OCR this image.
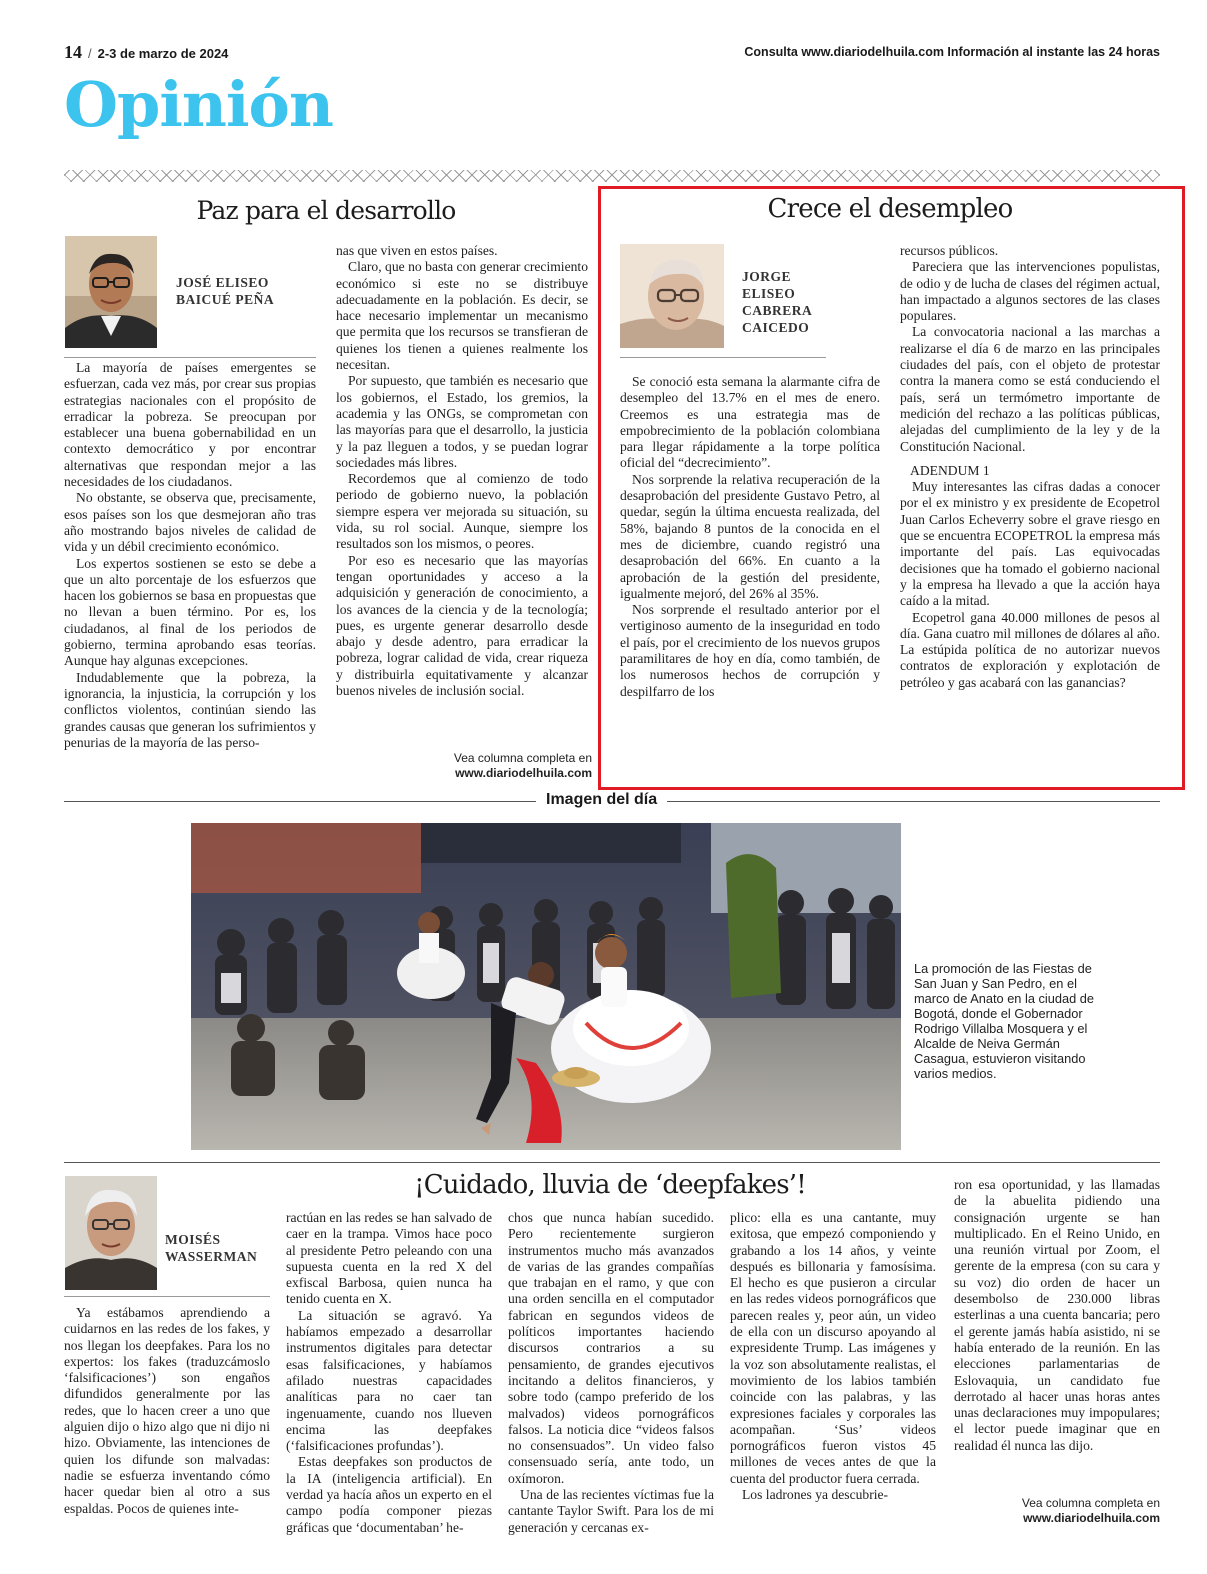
14 / 2-3 de marzo de 2024	Consulta www.diariodelhuila.com Información al instante las 24 horas
Opinión
Paz para el desarrollo
JOSÉ ELISEO BAICUÉ PEÑA

La mayoría de países emergentes se esfuerzan, cada vez más, por crear sus propias estrategias nacionales con el propósito de erradicar la pobreza. Se preocupan por establecer una buena gobernabilidad en un contexto democrático y por encontrar alternativas que respondan mejor a las necesidades de los ciudadanos.

No obstante, se observa que, precisamente, esos países son los que desmejoran año tras año mostrando bajos niveles de calidad de vida y un débil crecimiento económico.

Los expertos sostienen se esto se debe a que un alto porcentaje de los esfuerzos que hacen los gobiernos se basa en propuestas que no llevan a buen término. Por es, los ciudadanos, al final de los periodos de gobierno, termina aprobando esas teorías. Aunque hay algunas excepciones.

Indudablemente que la pobreza, la ignorancia, la injusticia, la corrupción y los conflictos violentos, continúan siendo las grandes causas que generan los sufrimientos y penurias de la mayoría de las perso-

nas que viven en estos países.

Claro, que no basta con generar crecimiento económico si este no se distribuye adecuadamente en la población. Es decir, se hace necesario implementar un mecanismo que permita que los recursos se transfieran de quienes los tienen a quienes realmente los necesitan.

Por supuesto, que también es necesario que los gobiernos, el Estado, los gremios, la academia y las ONGs, se comprometan con las mayorías para que el desarrollo, la justicia y la paz lleguen a todos, y se puedan lograr sociedades más libres.

Recordemos que al comienzo de todo periodo de gobierno nuevo, la población siempre espera ver mejorada su situación, su vida, su rol social. Aunque, siempre los resultados son los mismos, o peores.

Por eso es necesario que las mayorías tengan oportunidades y acceso a la adquisición y generación de conocimiento, a los avances de la ciencia y de la tecnología; pues, es urgente generar desarrollo desde abajo y desde adentro, para erradicar la pobreza, lograr calidad de vida, crear riqueza y distribuirla equitativamente y alcanzar buenos niveles de inclusión social.

Vea columna completa en
www.diariodelhuila.com
Crece el desempleo
JORGE ELISEO CABRERA CAICEDO

Se conoció esta semana la alarmante cifra de desempleo del 13.7% en el mes de enero. Creemos es una estrategia mas de empobrecimiento de la población colombiana para llegar rápidamente a la torpe política oficial del “decrecimiento”.

Nos sorprende la relativa recuperación de la desaprobación del presidente Gustavo Petro, al quedar, según la última encuesta realizada, del 58%, bajando 8 puntos de la conocida en el mes de diciembre, cuando registró una desaprobación del 66%. En cuanto a la aprobación de la gestión del presidente, igualmente mejoró, del 26% al 35%.

Nos sorprende el resultado anterior por el vertiginoso aumento de la inseguridad en todo el país, por el crecimiento de los nuevos grupos paramilitares de hoy en día, como también, de los numerosos hechos de corrupción y despilfarro de los

recursos públicos.

Pareciera que las intervenciones populistas, de odio y de lucha de clases del régimen actual, han impactado a algunos sectores de las clases populares.

La convocatoria nacional a las marchas a realizarse el día 6 de marzo en las principales ciudades del país, con el objeto de protestar contra la manera como se está conduciendo el país, será un termómetro importante de medición del rechazo a las políticas públicas, alejadas del cumplimiento de la ley y de la Constitución Nacional.

ADENDUM 1

Muy interesantes las cifras dadas a conocer por el ex ministro y ex presidente de Ecopetrol Juan Carlos Echeverry sobre el grave riesgo en que se encuentra ECOPETROL la empresa más importante del país. Las equivocadas decisiones que ha tomado el gobierno nacional y la empresa ha llevado a que la acción haya caído a la mitad.

Ecopetrol gana 40.000 millones de pesos al día. Gana cuatro mil millones de dólares al año. La estúpida política de no autorizar nuevos contratos de exploración y explotación de petróleo y gas acabará con las ganancias?

Imagen del día
La promoción de las Fiestas de San Juan y San Pedro, en el marco de Anato en la ciudad de Bogotá, donde el Gobernador Rodrigo Villalba Mosquera y el Alcalde de Neiva Germán Casagua, estuvieron visitando varios medios.
¡Cuidado, lluvia de ‘deepfakes’!
MOISÉS WASSERMAN

Ya estábamos aprendiendo a cuidarnos en las redes de los fakes, y nos llegan los deepfakes. Para los no expertos: los fakes (traduzcámoslo ‘falsificaciones’) son engaños difundidos generalmente por las redes, que lo hacen creer a uno que alguien dijo o hizo algo que ni dijo ni hizo. Obviamente, las intenciones de quien los difunde son malvadas: nadie se esfuerza inventando cómo hacer quedar bien al otro a sus espaldas. Pocos de quienes inte-

ractúan en las redes se han salvado de caer en la trampa. Vimos hace poco al presidente Petro peleando con una supuesta cuenta en la red X del exfiscal Barbosa, quien nunca ha tenido cuenta en X.

La situación se agravó. Ya habíamos empezado a desarrollar instrumentos digitales para detectar esas falsificaciones, y habíamos afilado nuestras capacidades analíticas para no caer tan ingenuamente, cuando nos llueven encima las deepfakes (‘falsificaciones profundas’).

Estas deepfakes son productos de la IA (inteligencia artificial). En verdad ya hacía años un experto en el campo podía componer piezas gráficas que ‘documentaban’ he-

chos que nunca habían sucedido. Pero recientemente surgieron instrumentos mucho más avanzados de varias de las grandes compañías que trabajan en el ramo, y que con una orden sencilla en el computador fabrican en segundos videos de políticos importantes haciendo discursos contrarios a su pensamiento, de grandes ejecutivos incitando a delitos financieros, y sobre todo (campo preferido de los malvados) videos pornográficos falsos. La noticia dice “videos falsos no consensuados”. Un video falso consensuado sería, ante todo, un oxímoron.

Una de las recientes víctimas fue la cantante Taylor Swift. Para los de mi generación y cercanas ex-

plico: ella es una cantante, muy exitosa, que empezó componiendo y grabando a los 14 años, y veinte después es billonaria y famosísima. El hecho es que pusieron a circular en las redes videos pornográficos que parecen reales y, peor aún, un video de ella con un discurso apoyando al expresidente Trump. Las imágenes y la voz son absolutamente realistas, el movimiento de los labios también coincide con las palabras, y las expresiones faciales y corporales las acompañan. ‘Sus’ videos pornográficos fueron vistos 45 millones de veces antes de que la cuenta del productor fuera cerrada.

Los ladrones ya descubrie-

ron esa oportunidad, y las llamadas de la abuelita pidiendo una consignación urgente se han multiplicado. En el Reino Unido, en una reunión virtual por Zoom, el gerente de la empresa (con su cara y su voz) dio orden de hacer un desembolso de 230.000 libras esterlinas a una cuenta bancaria; pero el gerente jamás había asistido, ni se había enterado de la reunión. En las elecciones parlamentarias de Eslovaquia, un candidato fue derrotado al hacer unas horas antes unas declaraciones muy impopulares; el lector puede imaginar que en realidad él nunca las dijo.

Vea columna completa en
www.diariodelhuila.com
